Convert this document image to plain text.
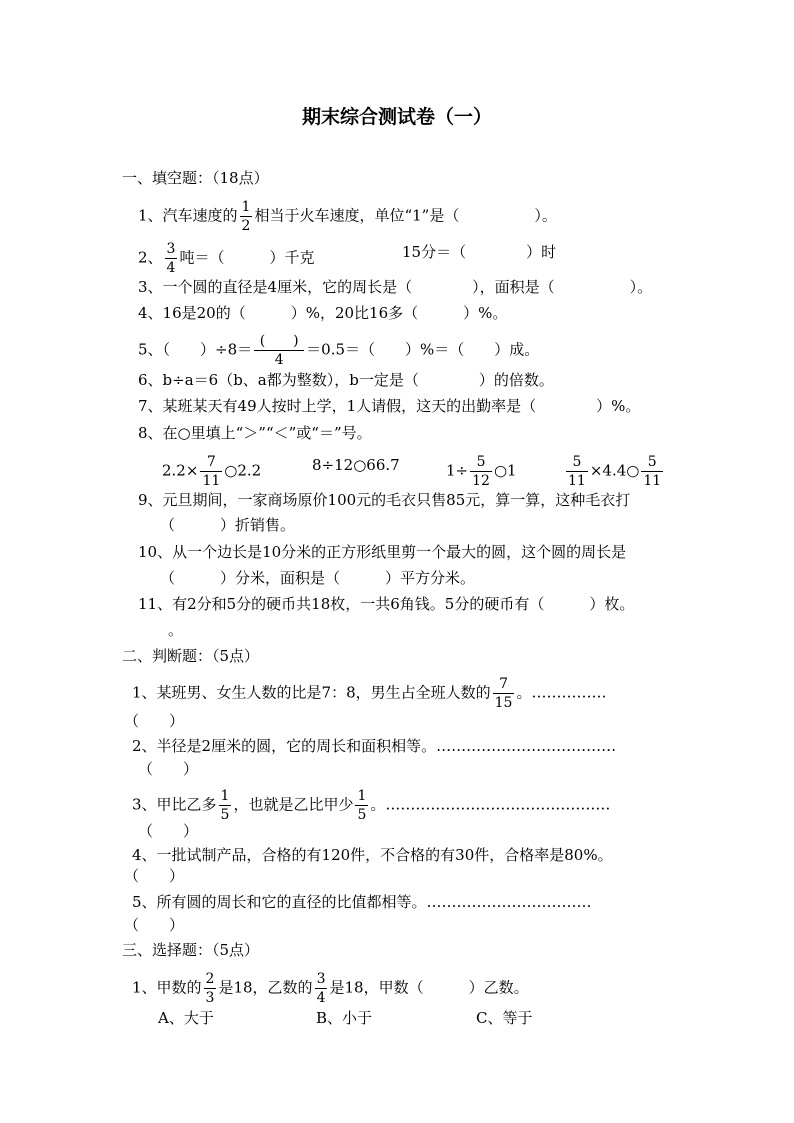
期末综合测试卷（一）
一、填空题：（18点）
1、汽车速度的 $\frac{1}{2}$ 相当于火车速度，单位“1”是（　　　　　）。
2、 $\frac{3}{4}$ 吨＝（　　　）千克	15分＝（　　　　）时
3、一个圆的直径是4厘米，它的周长是（　　　　），面积是（　　　　　）。
4、16是20的（　　　）%，20比16多（　　　）%。
5、（　　）$\div 8= \frac{( )}{4} =0.5=$（　　）%＝（　　）成。
6、b÷a＝6（b、a都为整数），b一定是（　　　　）的倍数。
7、某班某天有49人按时上学，1人请假，这天的出勤率是（　　　　）%。
8、在○里填上“＞”“＜”或“＝”号。
$2.2\times \frac{7}{11}$ ○2.2	8÷12○66.7	$1\div \frac{5}{12}$ ○1	$\frac{5}{11}$ ×4.4○ $\frac{5}{11}$
9、元旦期间，一家商场原价100元的毛衣只售85元，算一算，这种毛衣打
（　　　）折销售。
10、从一个边长是10分米的正方形纸里剪一个最大的圆，这个圆的周长是
（　　　）分米，面积是（　　　）平方分米。
11、有2分和5分的硬币共18枚，一共6角钱。5分的硬币有（　　　）枚。
。
二、判断题：（5点）
1、某班男、女生人数的比是7：8，男生占全班人数的 $\frac{7}{15}$ 。……………
（　　）
2、半径是2厘米的圆，它的周长和面积相等。………………………………
（　　）
3、甲比乙多 $\frac{1}{5}$ ，也就是乙比甲少 $\frac{1}{5}$ 。………………………………………
（　　）
4、一批试制产品，合格的有120件，不合格的有30件，合格率是80%。
（　　）
5、所有圆的周长和它的直径的比值都相等。……………………………
（　　）
三、选择题：（5点）
1、甲数的 $\frac{2}{3}$ 是18，乙数的 $\frac{3}{4}$ 是18，甲数（　　　）乙数。
A、大于	B、小于	C、等于
